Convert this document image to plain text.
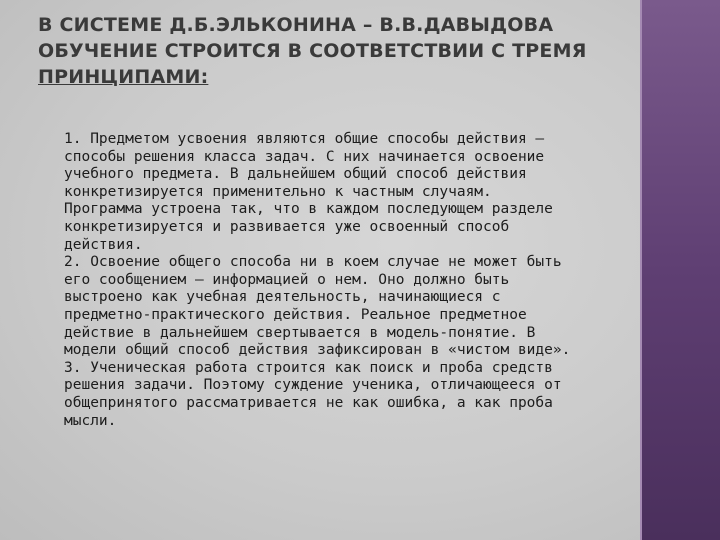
В СИСТЕМЕ Д.Б.ЭЛЬКОНИНА – В.В.ДАВЫДОВА
ОБУЧЕНИЕ СТРОИТСЯ В СООТВЕТСТВИИ С ТРЕМЯ
ПРИНЦИПАМИ:
1. Предметом усвоения являются общие способы действия –
способы решения класса задач. С них начинается освоение
учебного предмета. В дальнейшем общий способ действия
конкретизируется применительно к частным случаям.
Программа устроена так, что в каждом последующем разделе
конкретизируется и развивается уже освоенный способ
действия.
2. Освоение общего способа ни в коем случае не может быть
его сообщением – информацией о нем. Оно должно быть
выстроено как учебная деятельность, начинающиеся с
предметно-практического действия. Реальное предметное
действие в дальнейшем свертывается в модель-понятие. В
модели общий способ действия зафиксирован в «чистом виде».
3. Ученическая работа строится как поиск и проба средств
решения задачи. Поэтому суждение ученика, отличающееся от
общепринятого рассматривается не как ошибка, а как проба
мысли.
